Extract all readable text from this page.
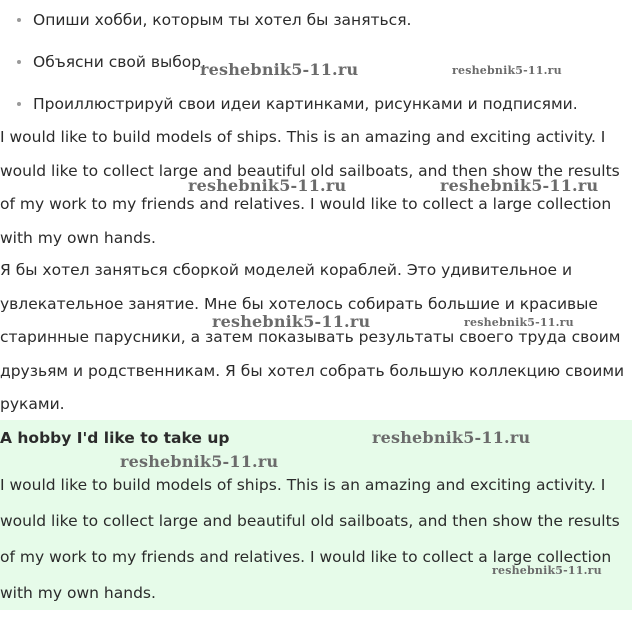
Опиши хобби, которым ты хотел бы заняться.
Объясни свой выбор.
Проиллюстрируй свои идеи картинками, рисунками и подписями.

I would like to build models of ships. This is an amazing and exciting activity. I would like to collect large and beautiful old sailboats, and then show the results of my work to my friends and relatives. I would like to collect a large collection with my own hands.

Я бы хотел заняться сборкой моделей кораблей. Это удивительное и увлекательное занятие. Мне бы хотелось собирать большие и красивые старинные парусники, а затем показывать результаты своего труда своим друзьям и родственникам. Я бы хотел собрать большую коллекцию своими руками.

A hobby I'd like to take up

I would like to build models of ships. This is an amazing and exciting activity. I would like to collect large and beautiful old sailboats, and then show the results of my work to my friends and relatives. I would like to collect a large collection with my own hands.

reshebnik5-11.ru	reshebnik5-11.ru
reshebnik5-11.ru	reshebnik5-11.ru
reshebnik5-11.ru	reshebnik5-11.ru
reshebnik5-11.ru
reshebnik5-11.ru
reshebnik5-11.ru
